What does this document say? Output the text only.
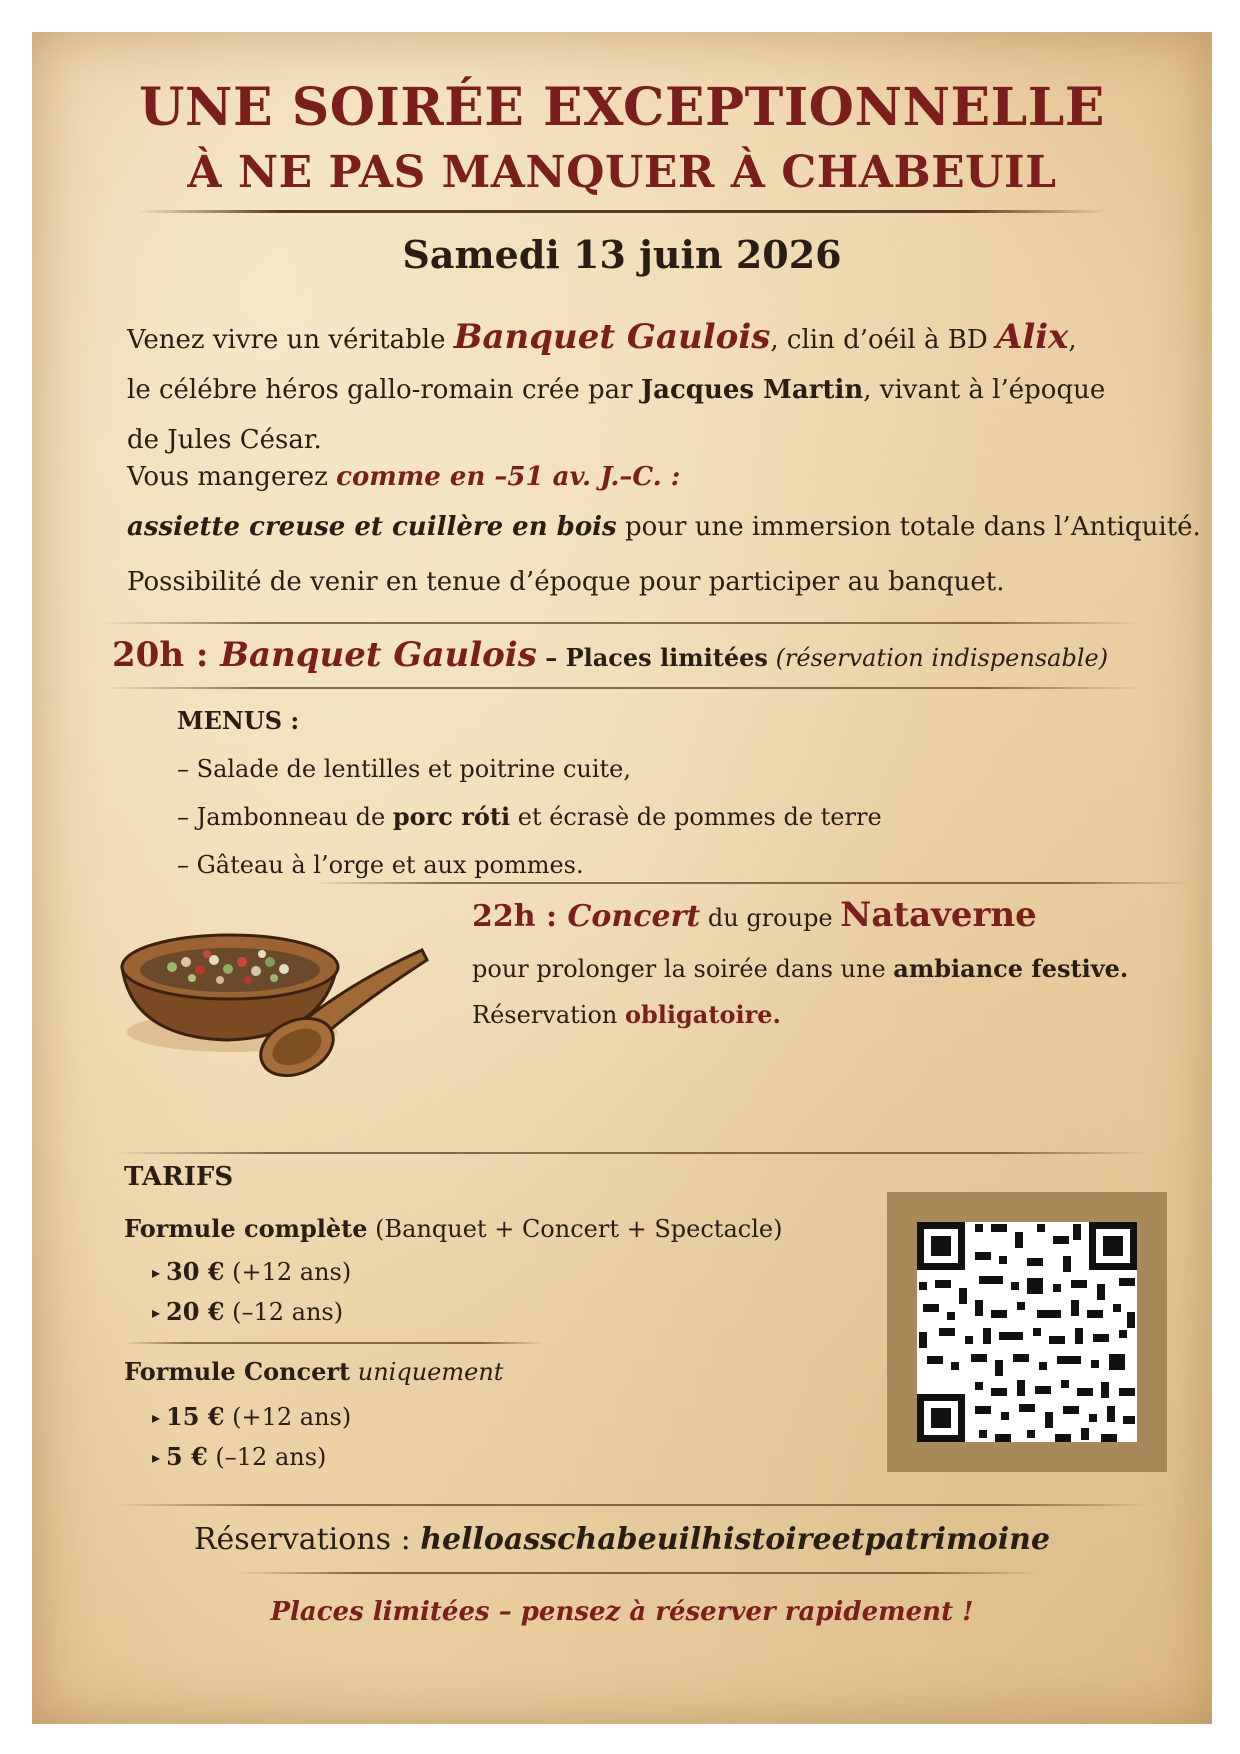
UNE SOIRÉE EXCEPTIONNELLE
À NE PAS MANQUER À CHABEUIL
Samedi 13 juin 2026
Venez vivre un véritable Banquet Gaulois, clin d’oéil à BD Alix,
le célébre héros gallo-romain crée par Jacques Martin, vivant à l’époque
de Jules César.
Vous mangerez comme en –51 av. J.–C. :
assiette creuse et cuillère en bois pour une immersion totale dans l’Antiquité.
Possibilité de venir en tenue d’époque pour participer au banquet.
20h : Banquet Gaulois – Places limitées (réservation indispensable)
MENUS :
– Salade de lentilles et poitrine cuite,
– Jambonneau de porc róti et écrasè de pommes de terre
– Gâteau à l’orge et aux pommes.
22h : Concert du groupe Nataverne
pour prolonger la soirée dans une ambiance festive.
Réservation obligatoire.
TARIFS
Formule complète (Banquet + Concert + Spectacle)
▸ 30 € (+12 ans)
▸ 20 € (–12 ans)
Formule Concert uniquement
▸ 15 € (+12 ans)
▸ 5 € (–12 ans)
Réservations : helloasschabeuilhistoireetpatrimoine
Places limitées – pensez à réserver rapidement !
